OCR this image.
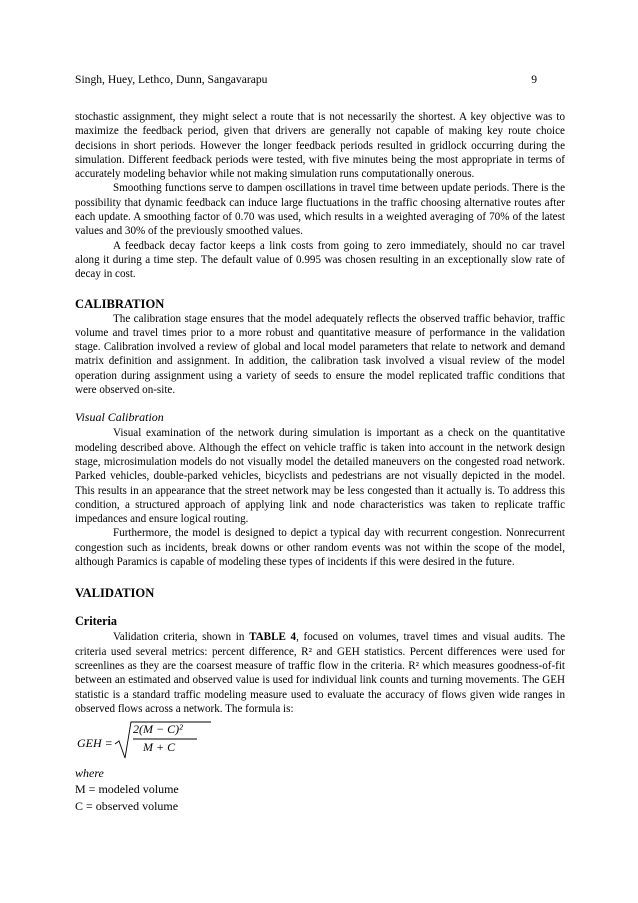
Singh, Huey, Lethco, Dunn, Sangavarapu	9

stochastic assignment, they might select a route that is not necessarily the shortest. A key objective was to maximize the feedback period, given that drivers are generally not capable of making key route choice decisions in short periods. However the longer feedback periods resulted in gridlock occurring during the simulation. Different feedback periods were tested, with five minutes being the most appropriate in terms of accurately modeling behavior while not making simulation runs computationally onerous.

Smoothing functions serve to dampen oscillations in travel time between update periods. There is the possibility that dynamic feedback can induce large fluctuations in the traffic choosing alternative routes after each update. A smoothing factor of 0.70 was used, which results in a weighted averaging of 70% of the latest values and 30% of the previously smoothed values.

A feedback decay factor keeps a link costs from going to zero immediately, should no car travel along it during a time step. The default value of 0.995 was chosen resulting in an exceptionally slow rate of decay in cost.

CALIBRATION

The calibration stage ensures that the model adequately reflects the observed traffic behavior, traffic volume and travel times prior to a more robust and quantitative measure of performance in the validation stage. Calibration involved a review of global and local model parameters that relate to network and demand matrix definition and assignment. In addition, the calibration task involved a visual review of the model operation during assignment using a variety of seeds to ensure the model replicated traffic conditions that were observed on-site.

Visual Calibration

Visual examination of the network during simulation is important as a check on the quantitative modeling described above. Although the effect on vehicle traffic is taken into account in the network design stage, microsimulation models do not visually model the detailed maneuvers on the congested road network. Parked vehicles, double-parked vehicles, bicyclists and pedestrians are not visually depicted in the model. This results in an appearance that the street network may be less congested than it actually is. To address this condition, a structured approach of applying link and node characteristics was taken to replicate traffic impedances and ensure logical routing.

Furthermore, the model is designed to depict a typical day with recurrent congestion. Nonrecurrent congestion such as incidents, break downs or other random events was not within the scope of the model, although Paramics is capable of modeling these types of incidents if this were desired in the future.

VALIDATION
Criteria

Validation criteria, shown in TABLE 4, focused on volumes, travel times and visual audits. The criteria used several metrics: percent difference, R² and GEH statistics. Percent differences were used for screenlines as they are the coarsest measure of traffic flow in the criteria. R² which measures goodness-of-fit between an estimated and observed value is used for individual link counts and turning movements. The GEH statistic is a standard traffic modeling measure used to evaluate the accuracy of flows given wide ranges in observed flows across a network. The formula is:

GEH =
2(M − C)²
M + C
where
M = modeled volume
C = observed volume
